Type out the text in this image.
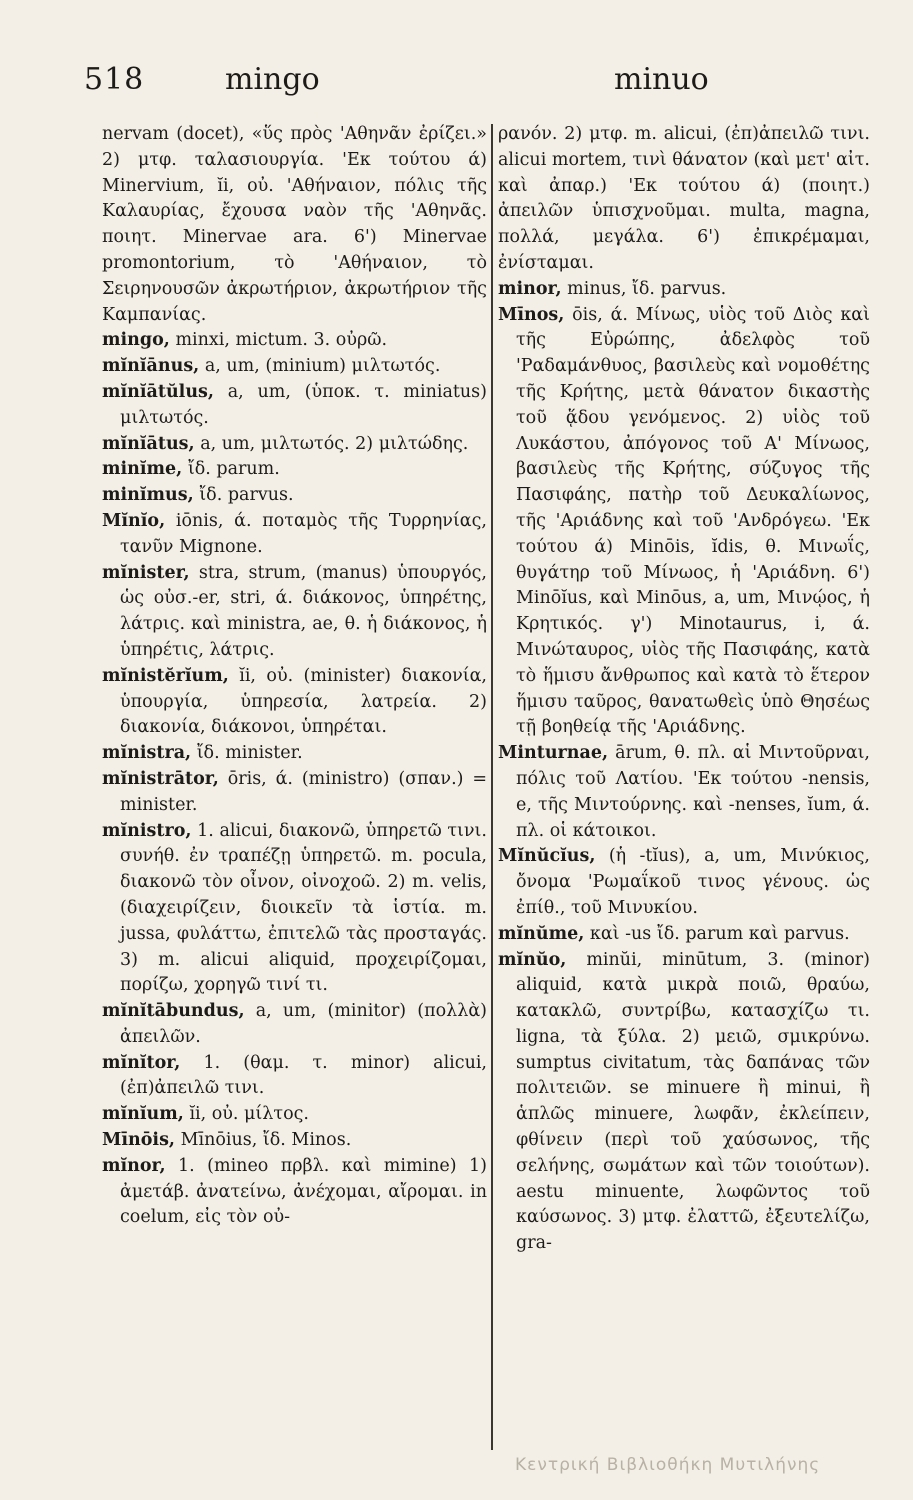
518	mingo	minuo

nervam (docet), «ὕς πρὸς 'Αθηνᾶν ἐρίζει.» 2) μτφ. ταλασιουργία. 'Εκ τούτου ά) Minervium, ĭi, οὐ. 'Αθήναιον, πόλις τῆς Καλαυρίας, ἔχουσα ναὸν τῆς 'Αθηνᾶς. ποιητ. Minervae ara. 6') Minervae promontorium, τὸ 'Αθήναιον, τὸ Σειρηνουσῶν ἀκρωτήριον, ἀκρωτήριον τῆς Καμπανίας.

mingo, minxi, mictum. 3. οὐρῶ.

mĭnĭānus, a, um, (minium) μιλτωτός.

mĭnĭātŭlus, a, um, (ὑποκ. τ. miniatus) μιλτωτός.

mĭnĭātus, a, um, μιλτωτός. 2) μιλτώδης.

minĭme, ἴδ. parum.

minĭmus, ἴδ. parvus.

Mĭnĭo, iōnis, ά. ποταμὸς τῆς Τυρρηνίας, τανῦν Mignone.

mĭnister, stra, strum, (manus) ὑπουργός, ὡς οὐσ.-er, stri, ά. διάκονος, ὑπηρέτης, λάτρις. καὶ ministra, ae, θ. ἡ διάκονος, ἡ ὑπηρέτις, λάτρις.

mĭnistĕrĭum, ĭi, οὐ. (minister) διακονία, ὑπουργία, ὑπηρεσία, λατρεία. 2) διακονία, διάκονοι, ὑπηρέται.

mĭnistra, ἴδ. minister.

mĭnistrātor, ōris, ά. (ministro) (σπαν.) = minister.

mĭnistro, 1. alicui, διακονῶ, ὑπηρετῶ τινι. συνήθ. ἐν τραπέζῃ ὑπηρετῶ. m. pocula, διακονῶ τὸν οἶνον, οἰνοχοῶ. 2) m. velis, (διαχειρίζειν, διοικεῖν τὰ ἱστία. m. jussa, φυλάττω, ἐπιτελῶ τὰς προσταγάς. 3) m. alicui aliquid, προχειρίζομαι, πορίζω, χορηγῶ τινί τι.

mĭnĭtābundus, a, um, (minitor) (πολλὰ) ἀπειλῶν.

mĭnĭtor, 1. (θαμ. τ. minor) alicui, (ἐπ)ἀπειλῶ τινι.

mĭnĭum, ĭi, οὐ. μίλτος.

Mīnōis, Mīnōius, ἴδ. Minos.

mĭnor, 1. (mineo πρβλ. καὶ mimine) 1) ἀμετάβ. ἀνατείνω, ἀνέχομαι, αἴρομαι. in coelum, εἰς τὸν οὐ-

ρανόν. 2) μτφ. m. alicui, (ἐπ)ἀπειλῶ τινι. alicui mortem, τινὶ θάνατον (καὶ μετ' αἰτ. καὶ ἀπαρ.) 'Εκ τούτου ά) (ποιητ.) ἀπειλῶν ὑπισχνοῦμαι. multa, magna, πολλά, μεγάλα. 6') ἐπικρέμαμαι, ἐνίσταμαι.

minor, minus, ἴδ. parvus.

Mīnos, ōis, ά. Μίνως, υἱὸς τοῦ Διὸς καὶ τῆς Εὐρώπης, ἀδελφὸς τοῦ 'Ραδαμάνθυος, βασιλεὺς καὶ νομοθέτης τῆς Κρήτης, μετὰ θάνατον δικαστὴς τοῦ ᾅδου γενόμενος. 2) υἱὸς τοῦ Λυκάστου, ἀπόγονος τοῦ Α' Μίνωος, βασιλεὺς τῆς Κρήτης, σύζυγος τῆς Πασιφάης, πατὴρ τοῦ Δευκαλίωνος, τῆς 'Αριάδνης καὶ τοῦ 'Ανδρόγεω. 'Εκ τούτου ά) Minōis, ĭdis, θ. Μινωΐς, θυγάτηρ τοῦ Μίνωος, ἡ 'Αριάδνη. 6') Minōĭus, καὶ Minōus, a, um, Μινῴος, ἡ Κρητικός. γ') Minotaurus, i, ά. Μινώταυρος, υἱὸς τῆς Πασιφάης, κατὰ τὸ ἥμισυ ἄνθρωπος καὶ κατὰ τὸ ἕτερον ἥμισυ ταῦρος, θανατωθεὶς ὑπὸ Θησέως τῇ βοηθείᾳ τῆς 'Αριάδνης.

Minturnae, ārum, θ. πλ. αἱ Μιντοῦρναι, πόλις τοῦ Λατίου. 'Εκ τούτου -nensis, e, τῆς Μιντούρνης. καὶ -nenses, ĭum, ά. πλ. οἱ κάτοικοι.

Mĭnŭcĭus, (ἡ -tĭus), a, um, Μινύκιος, ὄνομα 'Ρωμαΐκοῦ τινος γένους. ὡς ἐπίθ., τοῦ Μινυκίου.

mĭnŭme, καὶ -us ἴδ. parum καὶ parvus.

mĭnŭo, minŭi, minūtum, 3. (minor) aliquid, κατὰ μικρὰ ποιῶ, θραύω, κατακλῶ, συντρίβω, κατασχίζω τι. ligna, τὰ ξύλα. 2) μειῶ, σμικρύνω. sumptus civitatum, τὰς δαπάνας τῶν πολιτειῶν. se minuere ἢ minui, ἢ ἁπλῶς minuere, λωφᾶν, ἐκλείπειν, φθίνειν (περὶ τοῦ χαύσωνος, τῆς σελήνης, σωμάτων καὶ τῶν τοιούτων). aestu minuente, λωφῶντος τοῦ καύσωνος. 3) μτφ. ἐλαττῶ, ἐξευτελίζω, gra-

Κεντρική Βιβλιοθήκη Μυτιλήνης
